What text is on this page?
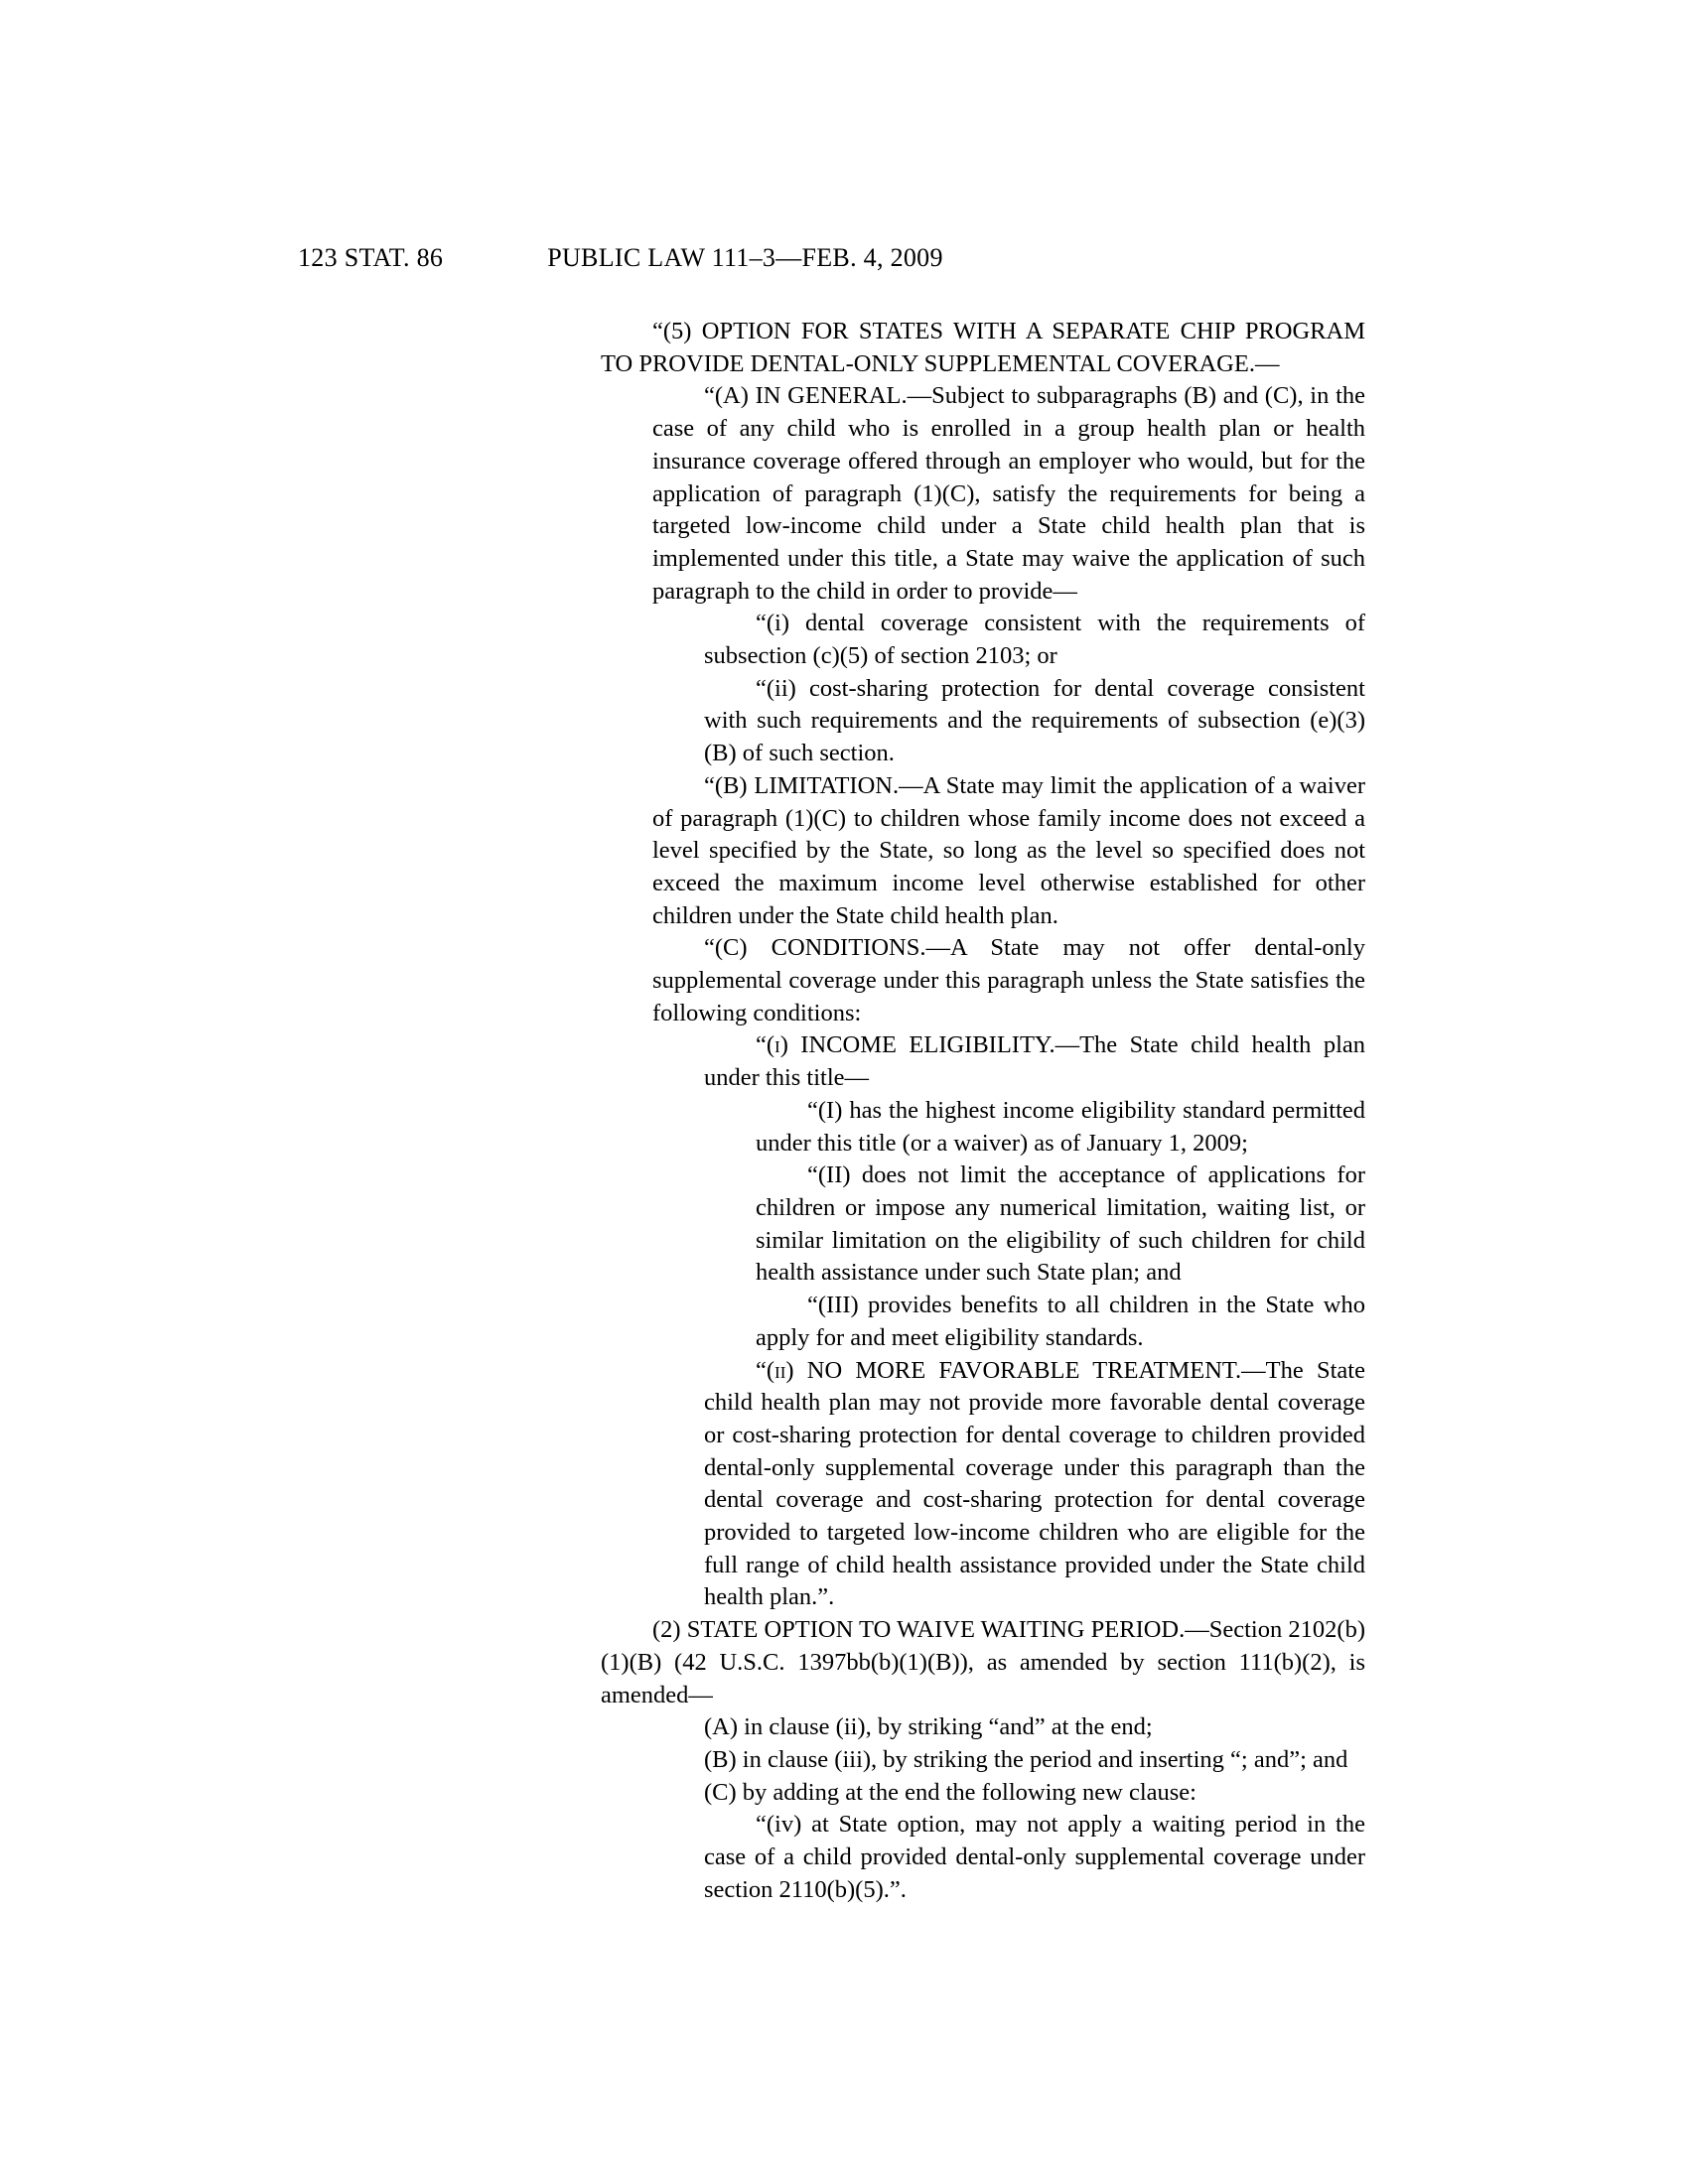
123 STAT. 86	PUBLIC LAW 111–3—FEB. 4, 2009

“(5) OPTION FOR STATES WITH A SEPARATE CHIP PROGRAM TO PROVIDE DENTAL-ONLY SUPPLEMENTAL COVERAGE.—

“(A) IN GENERAL.—Subject to subparagraphs (B) and (C), in the case of any child who is enrolled in a group health plan or health insurance coverage offered through an employer who would, but for the application of paragraph (1)(C), satisfy the requirements for being a targeted low-income child under a State child health plan that is implemented under this title, a State may waive the application of such paragraph to the child in order to provide—

“(i) dental coverage consistent with the requirements of subsection (c)(5) of section 2103; or

“(ii) cost-sharing protection for dental coverage consistent with such requirements and the requirements of subsection (e)(3)(B) of such section.

“(B) LIMITATION.—A State may limit the application of a waiver of paragraph (1)(C) to children whose family income does not exceed a level specified by the State, so long as the level so specified does not exceed the maximum income level otherwise established for other children under the State child health plan.

“(C) CONDITIONS.—A State may not offer dental-only supplemental coverage under this paragraph unless the State satisfies the following conditions:

“(i) INCOME ELIGIBILITY.—The State child health plan under this title—

“(I) has the highest income eligibility standard permitted under this title (or a waiver) as of January 1, 2009;

“(II) does not limit the acceptance of applications for children or impose any numerical limitation, waiting list, or similar limitation on the eligibility of such children for child health assistance under such State plan; and

“(III) provides benefits to all children in the State who apply for and meet eligibility standards.

“(ii) NO MORE FAVORABLE TREATMENT.—The State child health plan may not provide more favorable dental coverage or cost-sharing protection for dental coverage to children provided dental-only supplemental coverage under this paragraph than the dental coverage and cost-sharing protection for dental coverage provided to targeted low-income children who are eligible for the full range of child health assistance provided under the State child health plan.”.

(2) STATE OPTION TO WAIVE WAITING PERIOD.—Section 2102(b)(1)(B) (42 U.S.C. 1397bb(b)(1)(B)), as amended by section 111(b)(2), is amended—

(A) in clause (ii), by striking “and” at the end;

(B) in clause (iii), by striking the period and inserting “; and”; and

(C) by adding at the end the following new clause:

“(iv) at State option, may not apply a waiting period in the case of a child provided dental-only supplemental coverage under section 2110(b)(5).”.
